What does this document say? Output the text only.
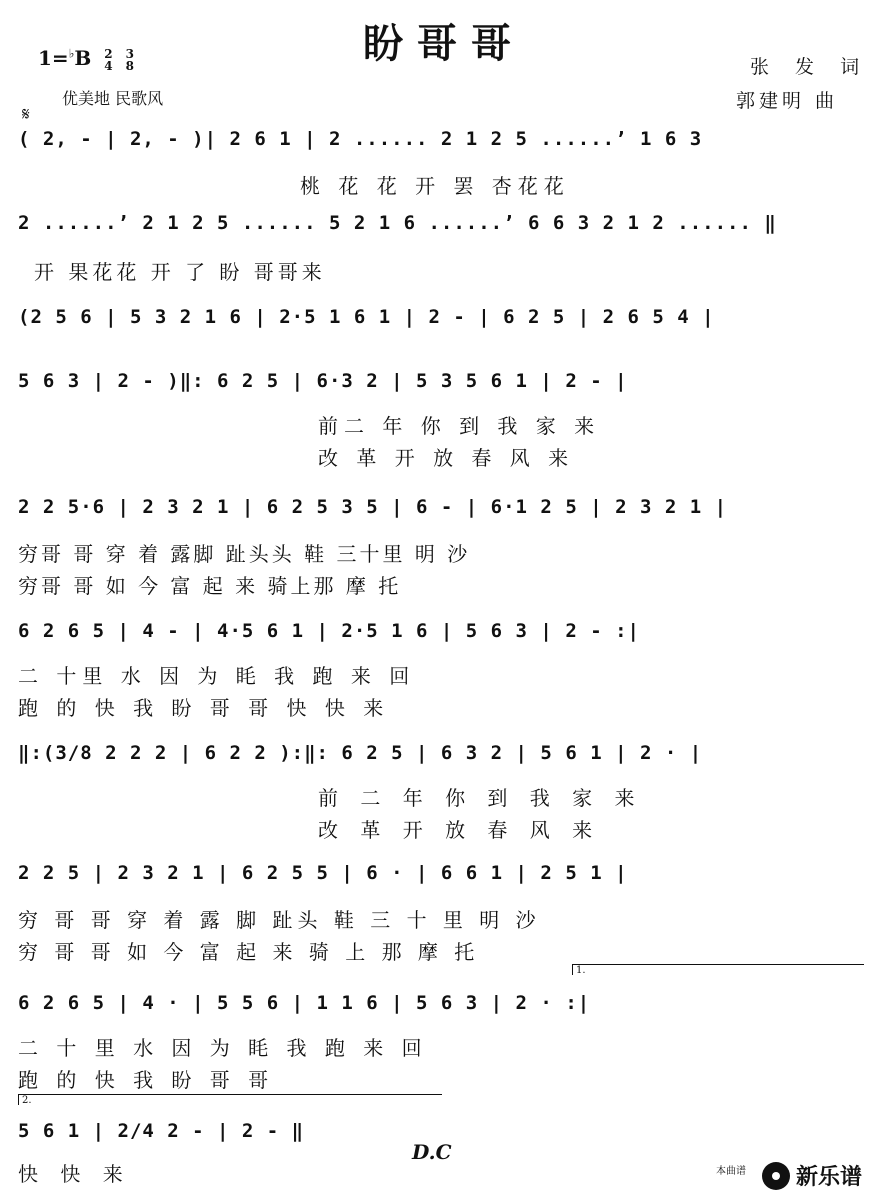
盼哥哥
1=♭B 2
4

3
8
优美地 民歌风
张 发 词
郭建明 曲
𝄋
( 2, - | 2, - )| 2 6 1 | 2 ...... 2 1 2 5 ......’ 1 6 3
桃 花 花 开 罢 杏花花
2 ......’ 2 1 2 5 ...... 5 2 1 6 ......’ 6 6 3 2 1 2 ...... ‖
开 果花花 开 了 盼 哥哥来
(2 5 6 | 5 3 2 1 6 | 2·5 1 6 1 | 2 - | 6 2 5 | 2 6 5 4 |
5 6 3 | 2 - )‖: 6 2 5 | 6·3 2 | 5 3 5 6 1 | 2 - |
前二 年 你 到 我 家 来
改 革 开 放 春 风 来
2 2 5·6 | 2 3 2 1 | 6 2 5 3 5 | 6 - | 6·1 2 5 | 2 3 2 1 |
穷哥 哥 穿 着 露脚 趾头头 鞋 三十里 明 沙
穷哥 哥 如 今 富 起 来 骑上那 摩 托
6 2 6 5 | 4 - | 4·5 6 1 | 2·5 1 6 | 5 6 3 | 2 - :|
二 十里 水 因 为 眊 我 跑 来 回
跑 的 快 我 盼 哥 哥 快 快 来
‖:(3/8 2 2 2 | 6 2 2 ):‖: 6 2 5 | 6 3 2 | 5 6 1 | 2 · |
前 二 年 你 到 我 家 来
改 革 开 放 春 风 来
2 2 5 | 2 3 2 1 | 6 2 5 5 | 6 · | 6 6 1 | 2 5 1 |
穷 哥 哥 穿 着 露 脚 趾头 鞋 三 十 里 明 沙
穷 哥 哥 如 今 富 起 来 骑 上 那 摩 托
1.
6 2 6 5 | 4 · | 5 5 6 | 1 1 6 | 5 6 3 | 2 · :|
二 十 里 水 因 为 眊 我 跑 来 回
跑 的 快 我 盼 哥 哥
2.
5 6 1 | 2/4 2 - | 2 - ‖
快 快 来
D.C
本曲谱 新乐谱
